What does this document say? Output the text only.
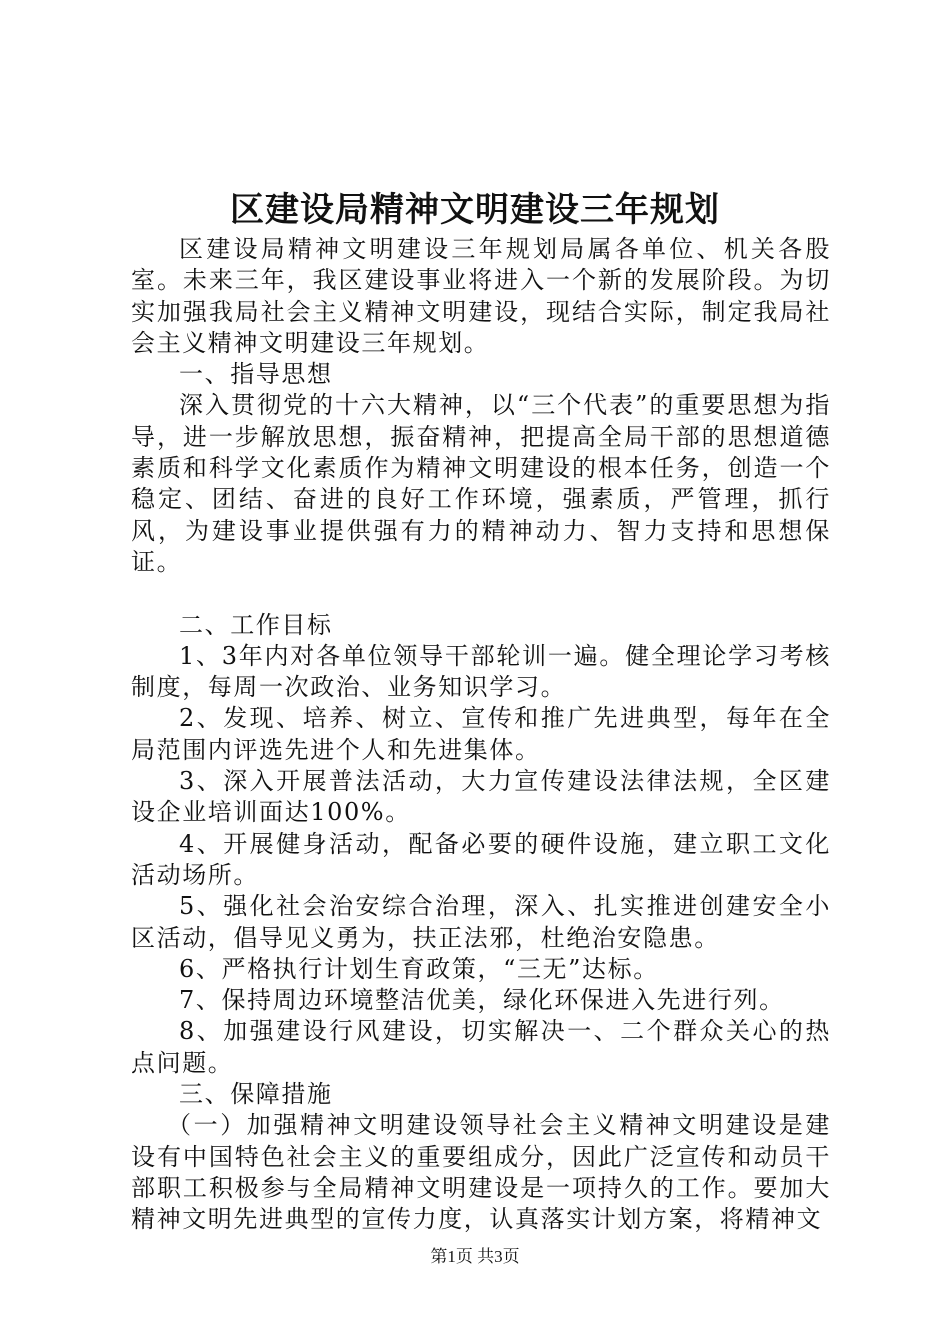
区建设局精神文明建设三年规划

区建设局精神文明建设三年规划局属各单位、机关各股室。未来三年，我区建设事业将进入一个新的发展阶段。为切实加强我局社会主义精神文明建设，现结合实际，制定我局社会主义精神文明建设三年规划。

一、指导思想

深入贯彻党的十六大精神，以“三个代表”的重要思想为指导，进一步解放思想，振奋精神，把提高全局干部的思想道德素质和科学文化素质作为精神文明建设的根本任务，创造一个稳定、团结、奋进的良好工作环境，强素质，严管理，抓行风，为建设事业提供强有力的精神动力、智力支持和思想保证。

二、工作目标

1、3年内对各单位领导干部轮训一遍。健全理论学习考核制度，每周一次政治、业务知识学习。

2、发现、培养、树立、宣传和推广先进典型，每年在全局范围内评选先进个人和先进集体。

3、深入开展普法活动，大力宣传建设法律法规，全区建设企业培训面达100%。

4、开展健身活动，配备必要的硬件设施，建立职工文化活动场所。

5、强化社会治安综合治理，深入、扎实推进创建安全小区活动，倡导见义勇为，扶正法邪，杜绝治安隐患。

6、严格执行计划生育政策，“三无”达标。

7、保持周边环境整洁优美，绿化环保进入先进行列。

8、加强建设行风建设，切实解决一、二个群众关心的热点问题。

三、保障措施

（一）加强精神文明建设领导社会主义精神文明建设是建设有中国特色社会主义的重要组成分，因此广泛宣传和动员干部职工积极参与全局精神文明建设是一项持久的工作。要加大精神文明先进典型的宣传力度，认真落实计划方案，将精神文

第1页 共3页
